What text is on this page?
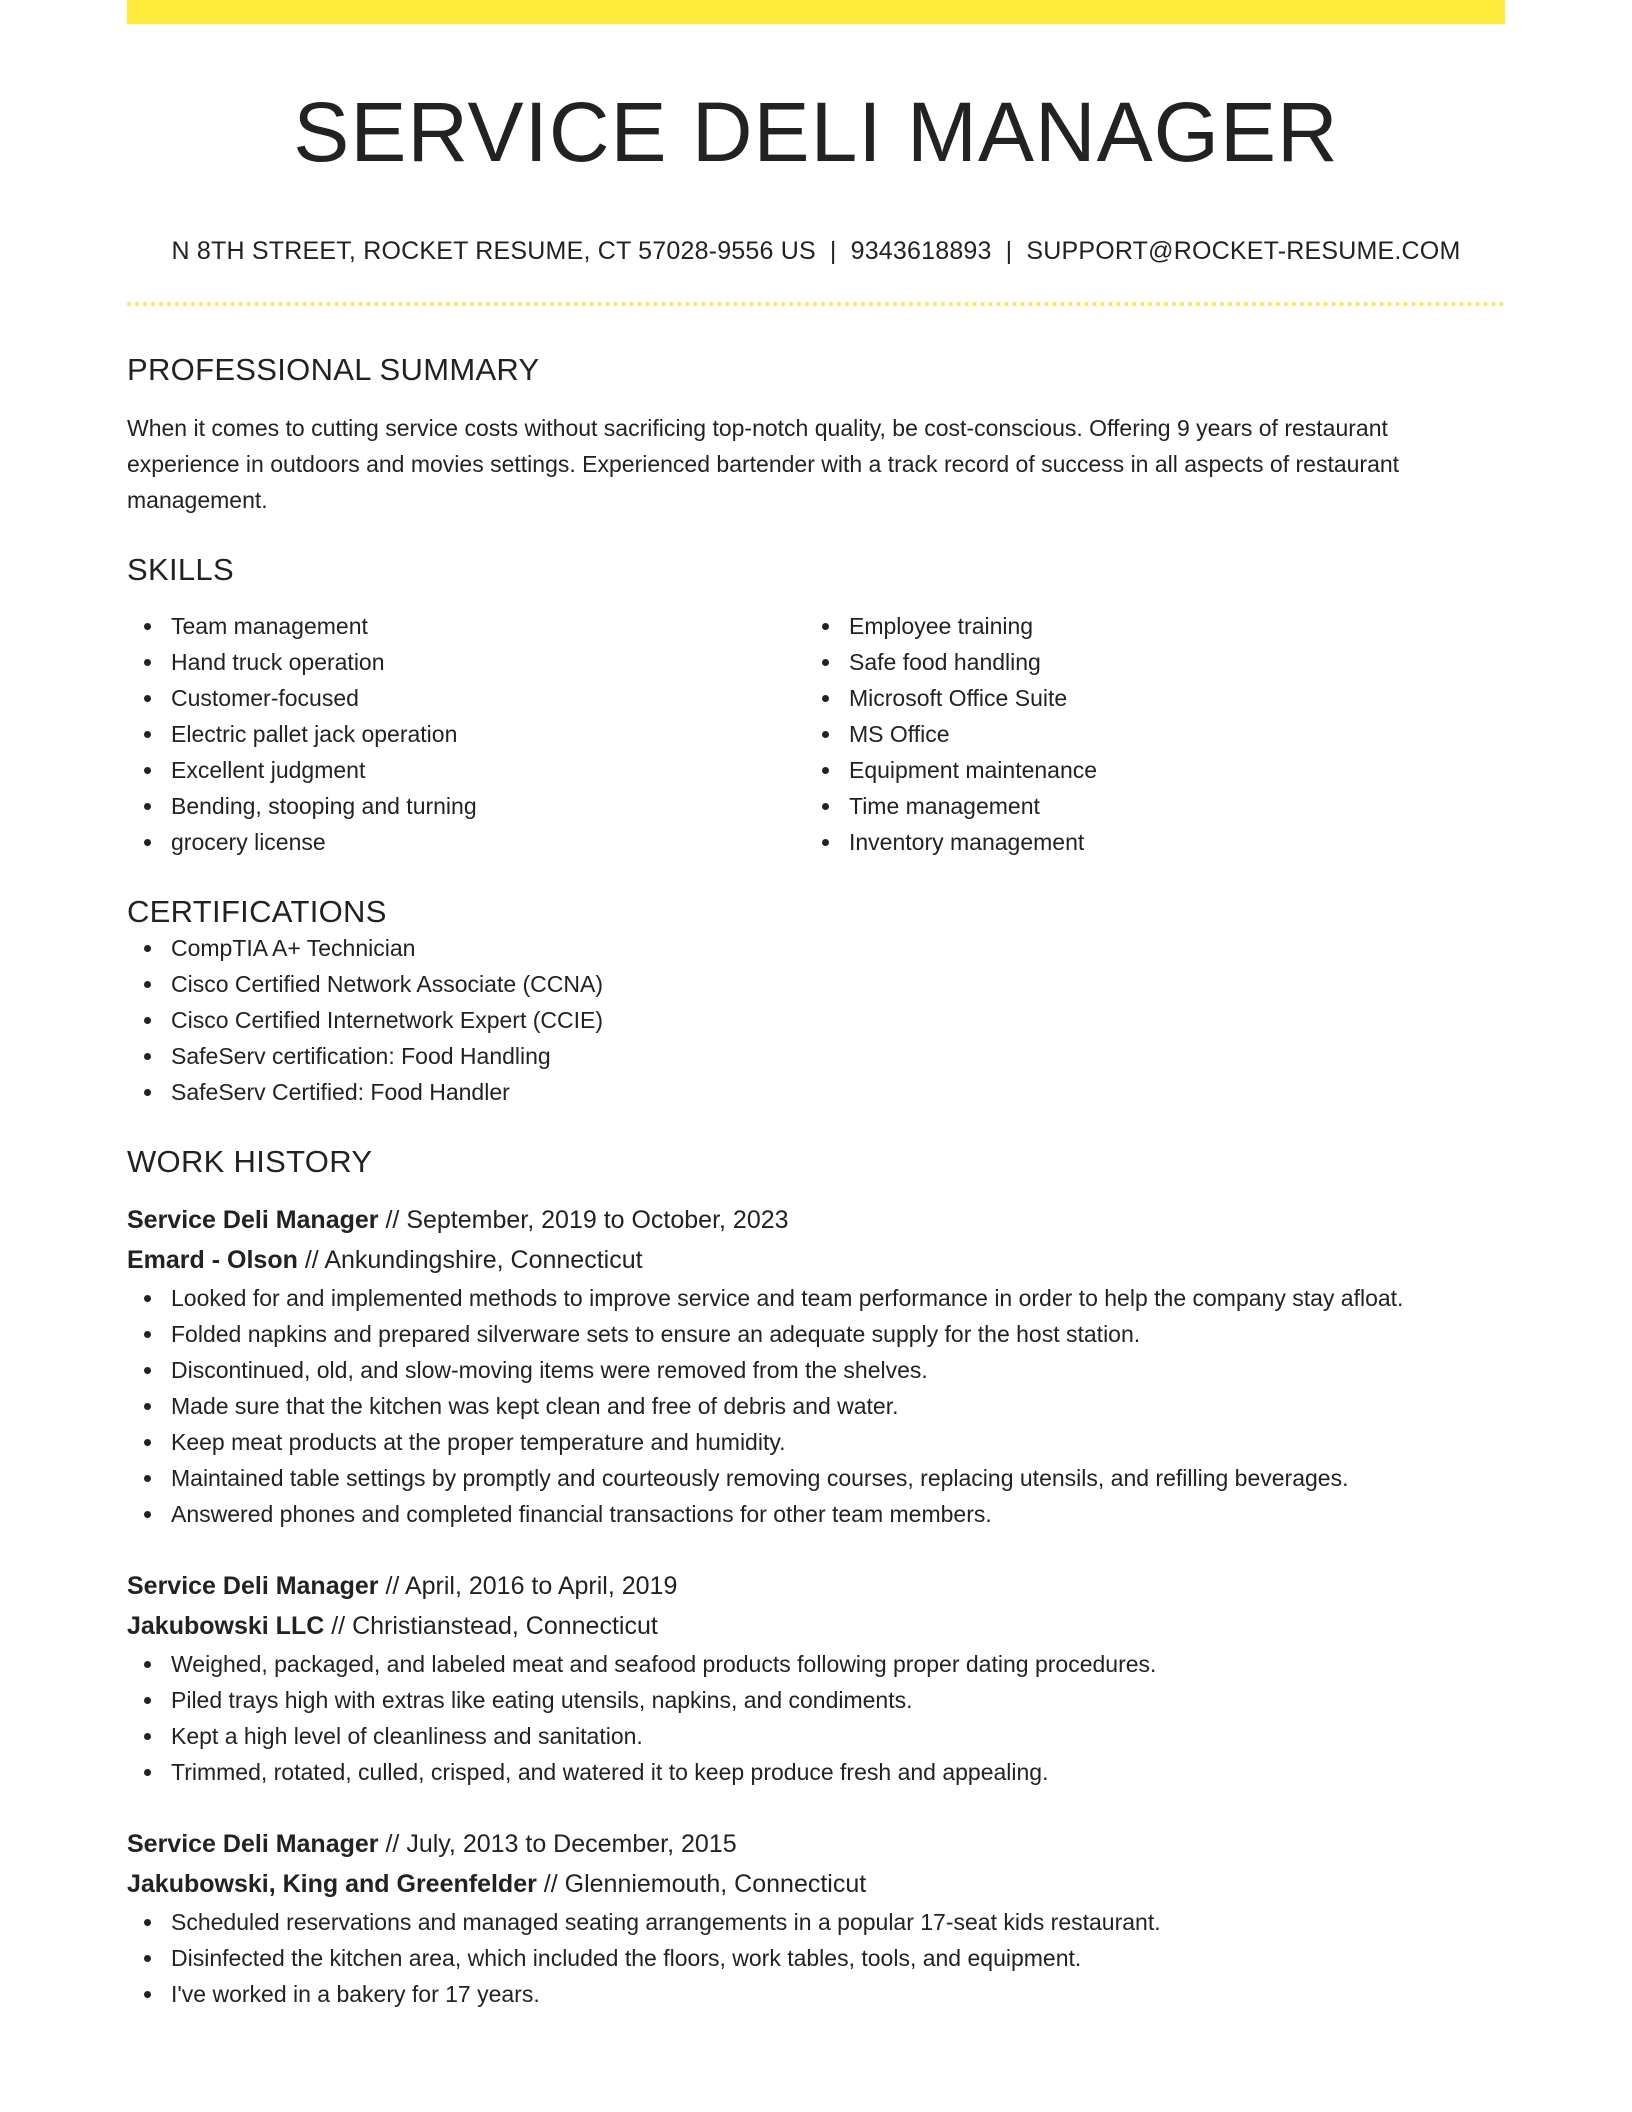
SERVICE DELI MANAGER
N 8TH STREET, ROCKET RESUME, CT 57028-9556 US | 9343618893 | SUPPORT@ROCKET-RESUME.COM
PROFESSIONAL SUMMARY
When it comes to cutting service costs without sacrificing top-notch quality, be cost-conscious. Offering 9 years of restaurant experience in outdoors and movies settings. Experienced bartender with a track record of success in all aspects of restaurant management.
SKILLS
Team management
Hand truck operation
Customer-focused
Electric pallet jack operation
Excellent judgment
Bending, stooping and turning
grocery license
Employee training
Safe food handling
Microsoft Office Suite
MS Office
Equipment maintenance
Time management
Inventory management
CERTIFICATIONS
CompTIA A+ Technician
Cisco Certified Network Associate (CCNA)
Cisco Certified Internetwork Expert (CCIE)
SafeServ certification: Food Handling
SafeServ Certified: Food Handler
WORK HISTORY
Service Deli Manager // September, 2019 to October, 2023
Emard - Olson // Ankundingshire, Connecticut
Looked for and implemented methods to improve service and team performance in order to help the company stay afloat.
Folded napkins and prepared silverware sets to ensure an adequate supply for the host station.
Discontinued, old, and slow-moving items were removed from the shelves.
Made sure that the kitchen was kept clean and free of debris and water.
Keep meat products at the proper temperature and humidity.
Maintained table settings by promptly and courteously removing courses, replacing utensils, and refilling beverages.
Answered phones and completed financial transactions for other team members.
Service Deli Manager // April, 2016 to April, 2019
Jakubowski LLC // Christianstead, Connecticut
Weighed, packaged, and labeled meat and seafood products following proper dating procedures.
Piled trays high with extras like eating utensils, napkins, and condiments.
Kept a high level of cleanliness and sanitation.
Trimmed, rotated, culled, crisped, and watered it to keep produce fresh and appealing.
Service Deli Manager // July, 2013 to December, 2015
Jakubowski, King and Greenfelder // Glenniemouth, Connecticut
Scheduled reservations and managed seating arrangements in a popular 17-seat kids restaurant.
Disinfected the kitchen area, which included the floors, work tables, tools, and equipment.
I've worked in a bakery for 17 years.
